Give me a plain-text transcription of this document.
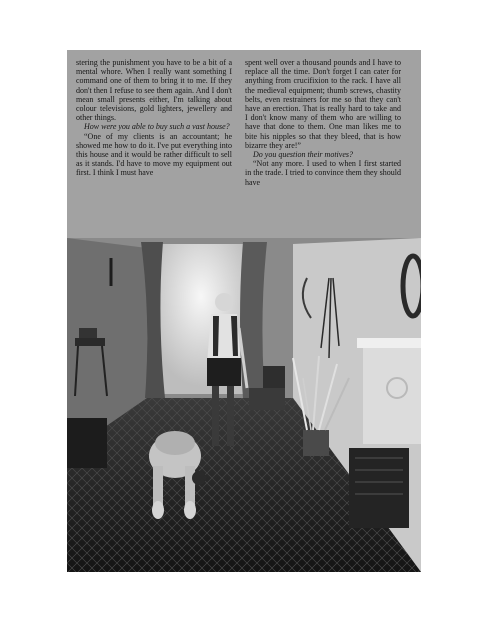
stering the punishment you have to be a bit of a mental whore. When I really want something I command one of them to bring it to me. If they don't then I refuse to see them again. And I don't mean small presents either, I'm talking about colour televisions, gold lighters, jewellery and other things.

How were you able to buy such a vast house?

“One of my clients is an accountant; he showed me how to do it. I've put everything into this house and it would be rather difficult to sell as it stands. I'd have to move my equipment out first. I think I must have

spent well over a thousand pounds and I have to replace all the time. Don't forget I can cater for anything from crucifixion to the rack. I have all the medieval equipment; thumb screws, chastity belts, even restrainers for me so that they can't have an erection. That is really hard to take and I don't know many of them who are willing to have that done to them. One man likes me to bite his nipples so that they bleed, that is how bizarre they are!”

Do you question their motives?

“Not any more. I used to when I first started in the trade. I tried to convince them they should have
